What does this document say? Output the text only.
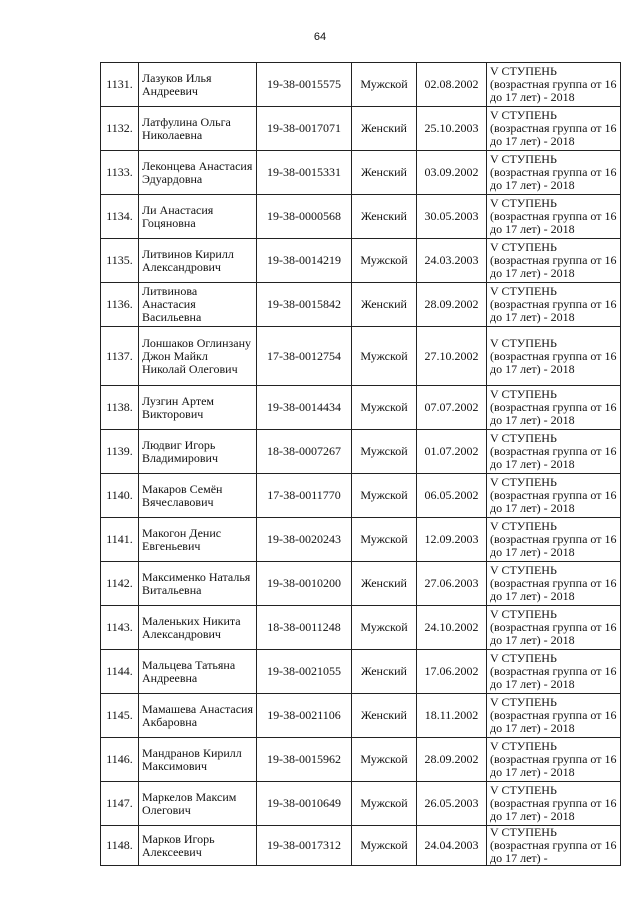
64
1131.	Лазуков Илья Андреевич	19-38-0015575	Мужской	02.08.2002	V СТУПЕНЬ (возрастная группа от 16 до 17 лет) - 2018
1132.	Латфулина Ольга Николаевна	19-38-0017071	Женский	25.10.2003	V СТУПЕНЬ (возрастная группа от 16 до 17 лет) - 2018
1133.	Леконцева Анастасия Эдуардовна	19-38-0015331	Женский	03.09.2002	V СТУПЕНЬ (возрастная группа от 16 до 17 лет) - 2018
1134.	Ли Анастасия Гоцяновна	19-38-0000568	Женский	30.05.2003	V СТУПЕНЬ (возрастная группа от 16 до 17 лет) - 2018
1135.	Литвинов Кирилл Александрович	19-38-0014219	Мужской	24.03.2003	V СТУПЕНЬ (возрастная группа от 16 до 17 лет) - 2018
1136.	Литвинова Анастасия Васильевна	19-38-0015842	Женский	28.09.2002	V СТУПЕНЬ (возрастная группа от 16 до 17 лет) - 2018
1137.	Лоншаков Оглинзану Джон Майкл Николай Олегович	17-38-0012754	Мужской	27.10.2002	V СТУПЕНЬ (возрастная группа от 16 до 17 лет) - 2018
1138.	Лузгин Артем Викторович	19-38-0014434	Мужской	07.07.2002	V СТУПЕНЬ (возрастная группа от 16 до 17 лет) - 2018
1139.	Людвиг Игорь Владимирович	18-38-0007267	Мужской	01.07.2002	V СТУПЕНЬ (возрастная группа от 16 до 17 лет) - 2018
1140.	Макаров Семён Вячеславович	17-38-0011770	Мужской	06.05.2002	V СТУПЕНЬ (возрастная группа от 16 до 17 лет) - 2018
1141.	Макогон Денис Евгеньевич	19-38-0020243	Мужской	12.09.2003	V СТУПЕНЬ (возрастная группа от 16 до 17 лет) - 2018
1142.	Максименко Наталья Витальевна	19-38-0010200	Женский	27.06.2003	V СТУПЕНЬ (возрастная группа от 16 до 17 лет) - 2018
1143.	Маленьких Никита Александрович	18-38-0011248	Мужской	24.10.2002	V СТУПЕНЬ (возрастная группа от 16 до 17 лет) - 2018
1144.	Мальцева Татьяна Андреевна	19-38-0021055	Женский	17.06.2002	V СТУПЕНЬ (возрастная группа от 16 до 17 лет) - 2018
1145.	Мамашева Анастасия Акбаровна	19-38-0021106	Женский	18.11.2002	V СТУПЕНЬ (возрастная группа от 16 до 17 лет) - 2018
1146.	Мандранов Кирилл Максимович	19-38-0015962	Мужской	28.09.2002	V СТУПЕНЬ (возрастная группа от 16 до 17 лет) - 2018
1147.	Маркелов Максим Олегович	19-38-0010649	Мужской	26.05.2003	V СТУПЕНЬ (возрастная группа от 16 до 17 лет) - 2018
1148.	Марков Игорь Алексеевич	19-38-0017312	Мужской	24.04.2003	V СТУПЕНЬ (возрастная группа от 16 до 17 лет) -
